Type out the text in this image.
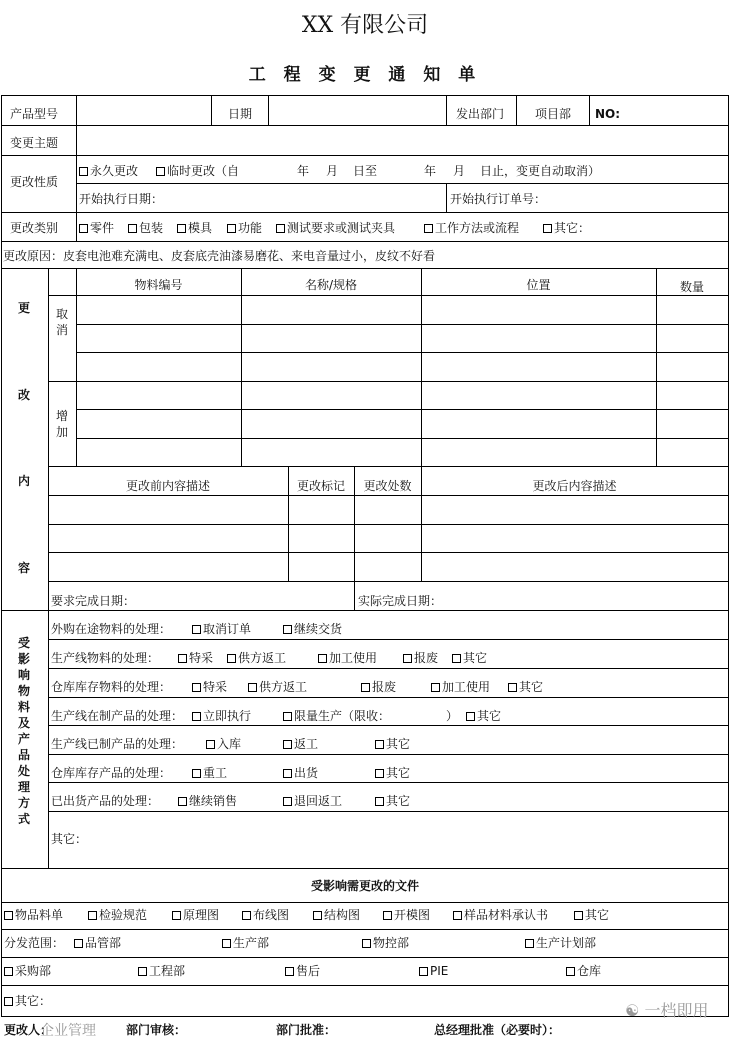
XX 有限公司
工 程 变 更 通 知 单
产品型号	日期	发出部门	项目部 NO:
变更主题
更改性质
永久更改	临时更改（自	年 月 日至	年 月 日止，变更自动取消）
开始执行日期：	开始执行订单号：
更改类别	零件	包装	模具	功能	测试要求或测试夹具	工作方法或流程	其它：
更改原因：皮套电池难充满电、皮套底壳油漆易磨花、来电音量过小，皮纹不好看
更
改
内
容
取消
增加
物料编号	名称/规格	位置	数量
更改前内容描述	更改标记	更改处数	更改后内容描述
要求完成日期：	实际完成日期：
受影响物料及产品处理方式
外购在途物料的处理：	取消订单	继续交货
生产线物料的处理：	特采	供方返工	加工使用	报废	其它
仓库库存物料的处理：	特采	供方返工	报废	加工使用	其它
生产线在制产品的处理：	立即执行	限量生产（限收：	）	其它
生产线已制产品的处理：	入库	返工	其它
仓库库存产品的处理：	重工	出货	其它
已出货产品的处理：	继续销售	退回返工	其它
其它：
受影响需更改的文件
物品料单	检验规范	原理图	布线图	结构图	开模图	样品材料承认书	其它
分发范围：	品管部	生产部	物控部	生产计划部
采购部	工程部	售后	PIE	仓库
其它：
更改人：	部门审核：	部门批准：	总经理批准（必要时）：
企业管理
☯ 一档即用
